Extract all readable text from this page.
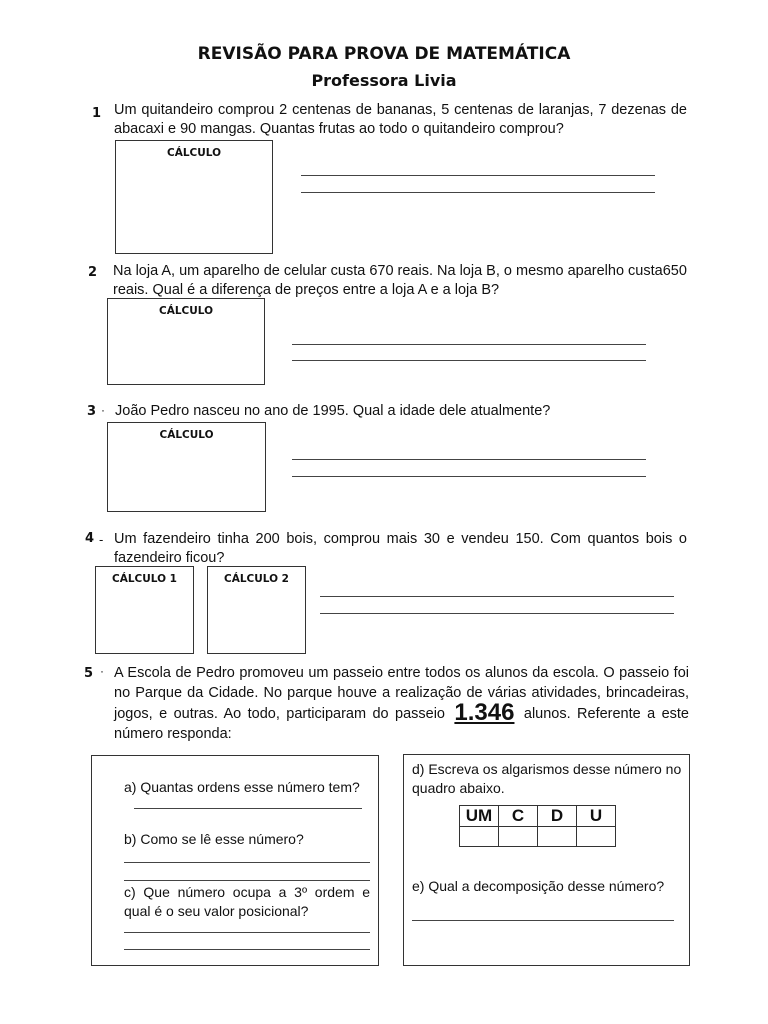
REVISÃO PARA PROVA DE MATEMÁTICA
Professora Livia
1 Um quitandeiro comprou 2 centenas de bananas, 5 centenas de laranjas, 7 dezenas de abacaxi e 90 mangas. Quantas frutas ao todo o quitandeiro comprou?
CÁLCULO
2 Na loja A, um aparelho de celular custa 670 reais. Na loja B, o mesmo aparelho custa650 reais. Qual é a diferença de preços entre a loja A e a loja B?
CÁLCULO
3 · João Pedro nasceu no ano de 1995. Qual a idade dele atualmente?
CÁLCULO
4 - Um fazendeiro tinha 200 bois, comprou mais 30 e vendeu 150. Com quantos bois o fazendeiro ficou?
CÁLCULO 1	CÁLCULO 2
5 · A Escola de Pedro promoveu um passeio entre todos os alunos da escola. O passeio foi no Parque da Cidade. No parque houve a realização de várias atividades, brincadeiras, jogos, e outras. Ao todo, participaram do passeio 1.346 alunos. Referente a este número responda:
a) Quantas ordens esse número tem?
b) Como se lê esse número?
c) Que número ocupa a 3º ordem e qual é o seu valor posicional?
d) Escreva os algarismos desse número no quadro abaixo.
UM	C	D	U

e) Qual a decomposição desse número?
